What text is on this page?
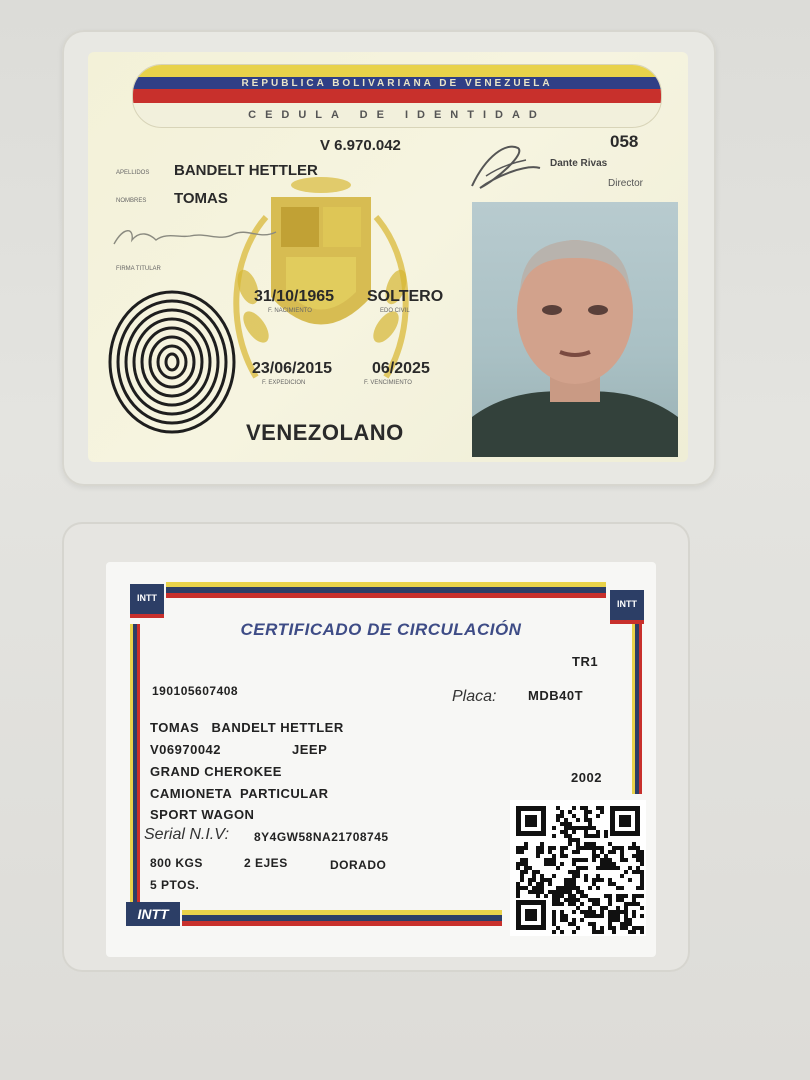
REPUBLICA BOLIVARIANA DE VENEZUELA
CEDULA DE IDENTIDAD
V 6.970.042	058
Dante Rivas
Director
APELLIDOS BANDELT HETTLER
NOMBRES TOMAS
FIRMA TITULAR
31/10/1965
F. NACIMIENTO
SOLTERO
EDO CIVIL
23/06/2015
F. EXPEDICION
06/2025
F. VENCIMIENTO
VENEZOLANO
INTT
INTT
CERTIFICADO DE CIRCULACIÓN
TR1
190105607408	Placa: MDB40T
TOMAS   BANDELT HETTLER
V06970042	JEEP
GRAND CHEROKEE	2002
CAMIONETA  PARTICULAR
SPORT WAGON
Serial N.I.V: 8Y4GW58NA21708745
800 KGS	2 EJES	DORADO
5 PTOS.
INTT
